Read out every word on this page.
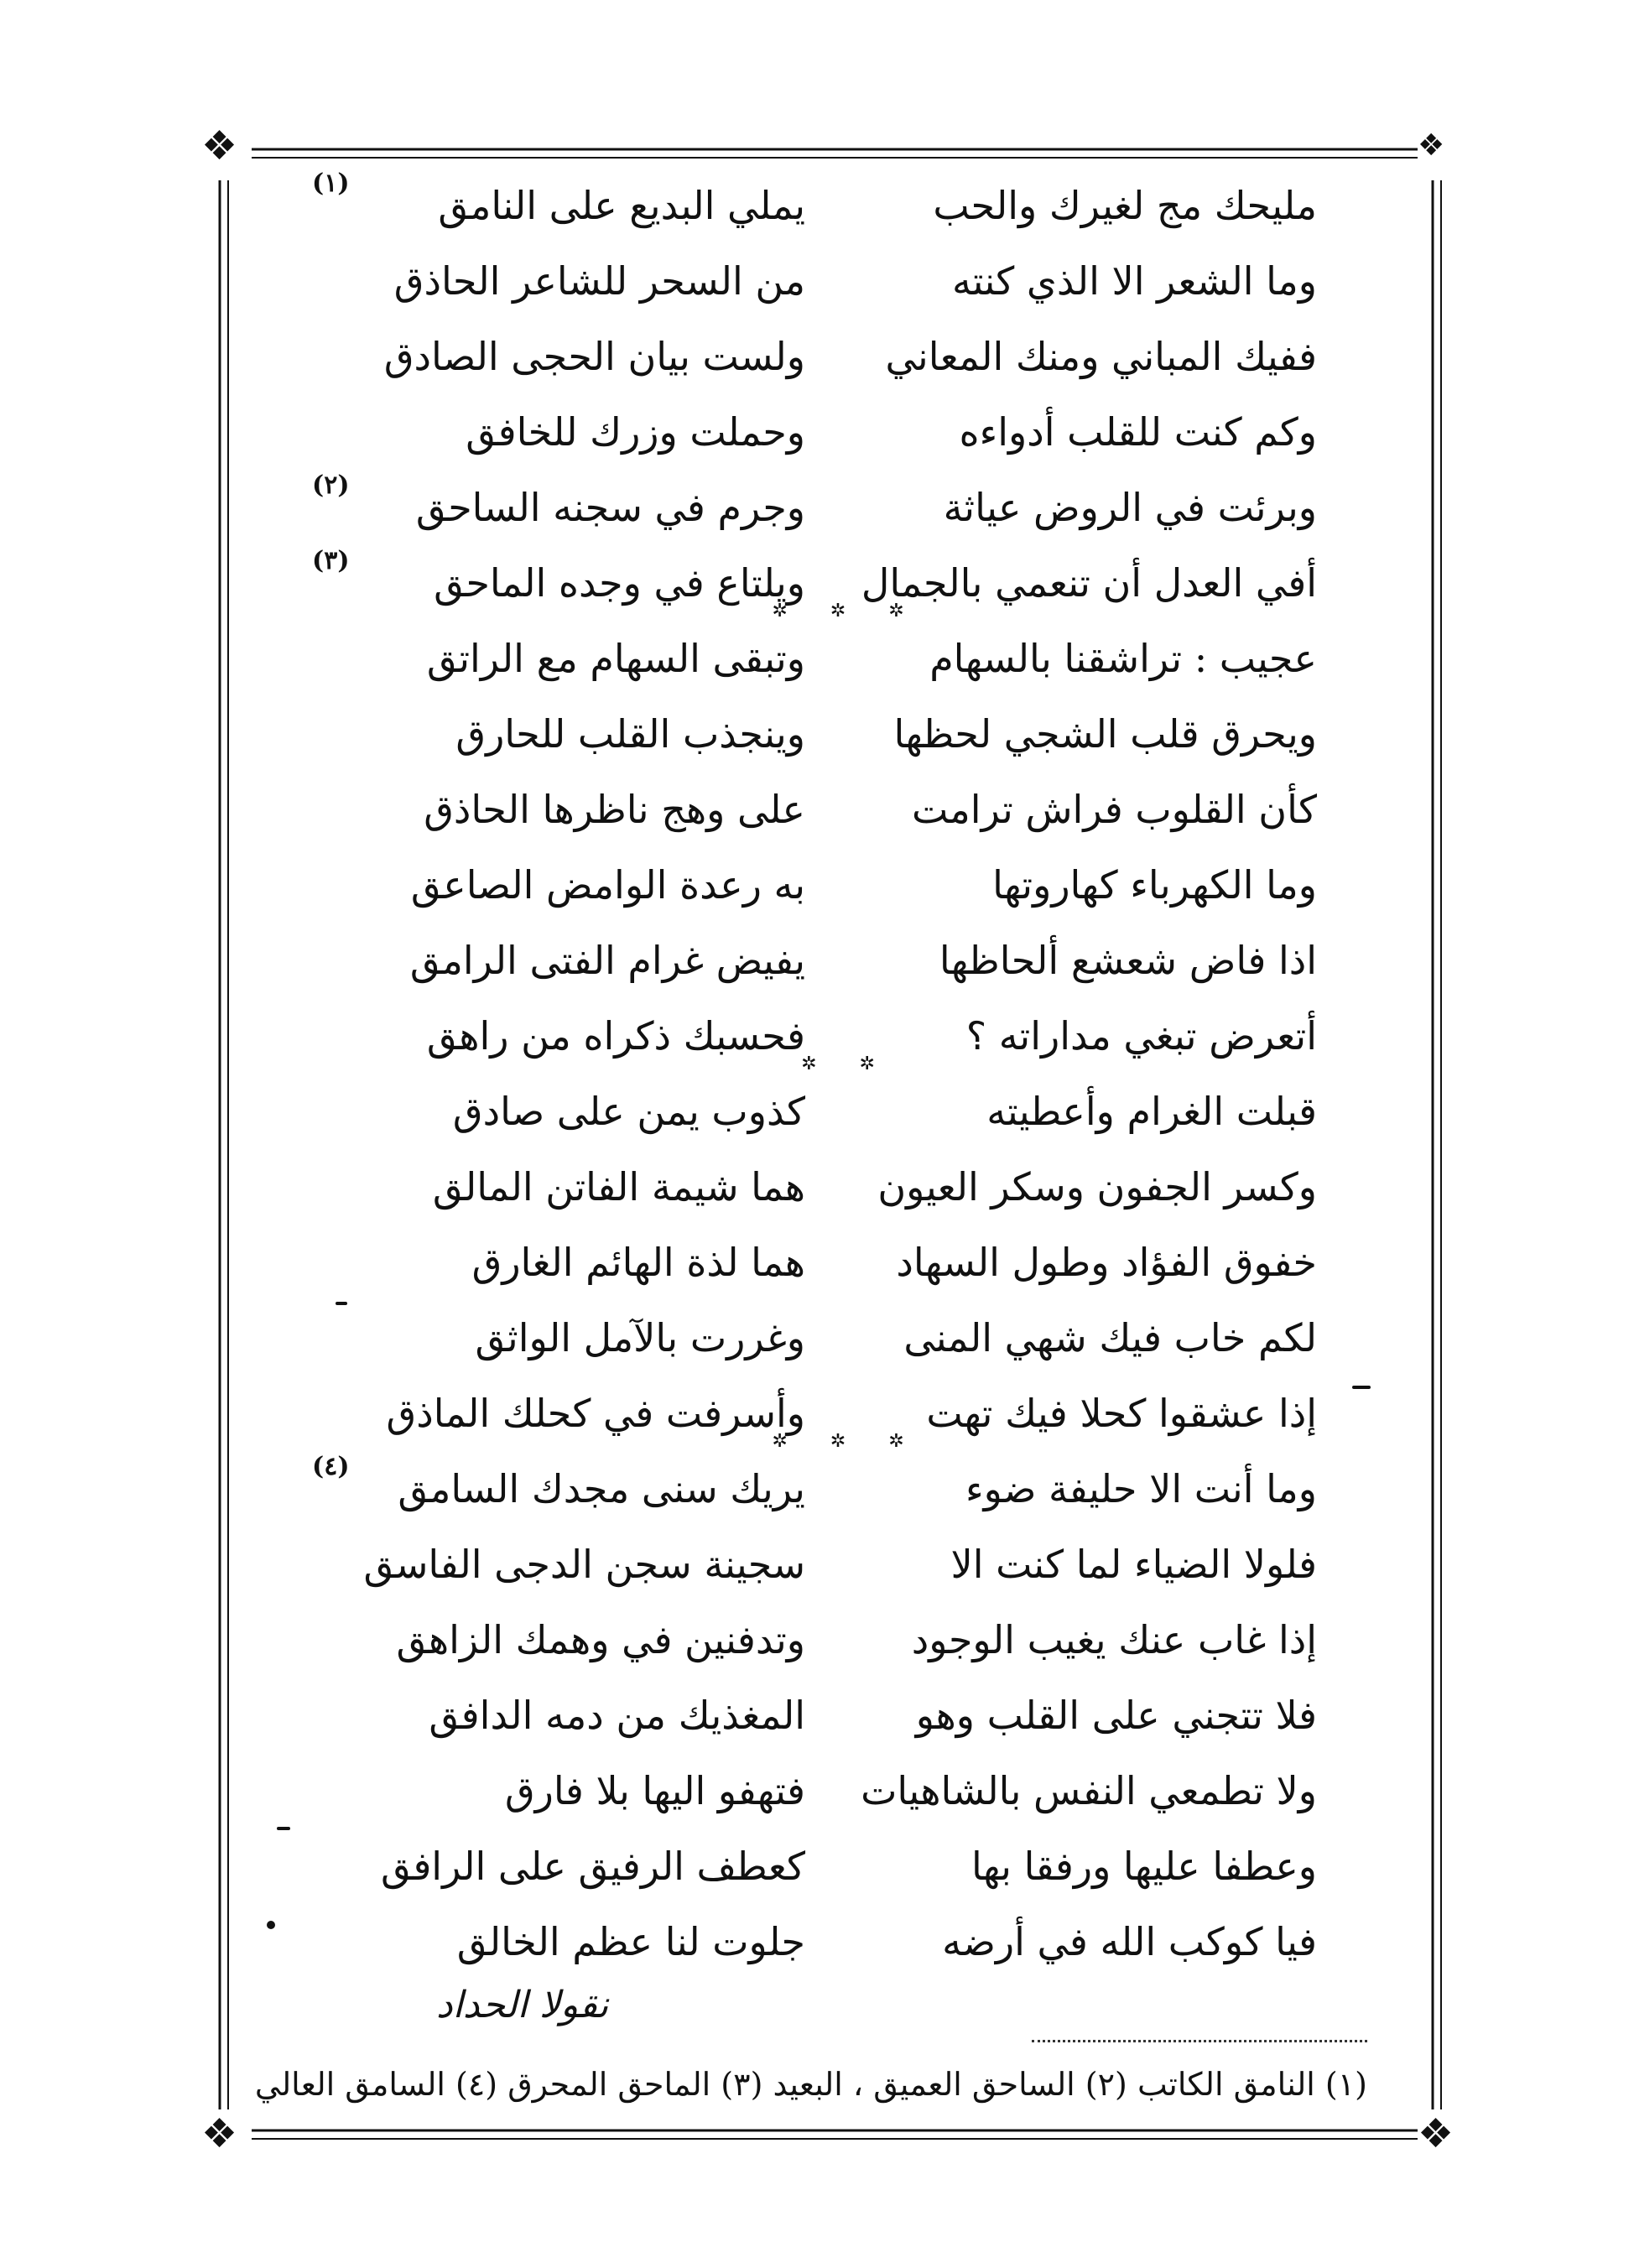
❖	❖
❖	❖
مليحك مج لغيرك والحب
يملي البديع على النامق
(١)
وما الشعر الا الذي كنته
من السحر للشاعر الحاذق
ففيك المباني ومنك المعاني
ولست بيان الحجى الصادق
وكم كنت للقلب أدواءه
وحملت وزرك للخافق
وبرئت في الروض عياثة
وجرم في سجنه الساحق
(٢)
أفي العدل أن تنعمي بالجمال
ويلتاع في وجده الماحق
(٣)
عجيب : تراشقنا بالسهام
وتبقى السهام مع الراتق
✲ ✲ ✲
ويحرق قلب الشجي لحظها
وينجذب القلب للحارق
كأن القلوب فراش ترامت
على وهج ناظرها الحاذق
وما الكهرباء كهاروتها
به رعدة الوامض الصاعق
اذا فاض شعشع ألحاظها
يفيض غرام الفتى الرامق
أتعرض تبغي مداراته ؟
فحسبك ذكراه من راهق
قبلت الغرام وأعطيته
كذوب يمن على صادق
✲ ✲
وكسر الجفون وسكر العيون
هما شيمة الفاتن المالق
خفوق الفؤاد وطول السهاد
هما لذة الهائم الغارق
لكم خاب فيك شهي المنى
وغررت بالآمل الواثق
إذا عشقوا كحلا فيك تهت
وأسرفت في كحلك الماذق
وما أنت الا حليفة ضوء
يريك سنى مجدك السامق
(٤)
✲ ✲ ✲
فلولا الضياء لما كنت الا
سجينة سجن الدجى الفاسق
إذا غاب عنك يغيب الوجود
وتدفنين في وهمك الزاهق
فلا تتجني على القلب وهو
المغذيك من دمه الدافق
ولا تطمعي النفس بالشاهيات
فتهفو اليها بلا فارق
وعطفا عليها ورفقا بها
كعطف الرفيق على الرافق
فيا كوكب الله في أرضه
جلوت لنا عظم الخالق
نقولا الحداد
(١) النامق الكاتب (٢) الساحق العميق ، البعيد (٣) الماحق المحرق (٤) السامق العالي
